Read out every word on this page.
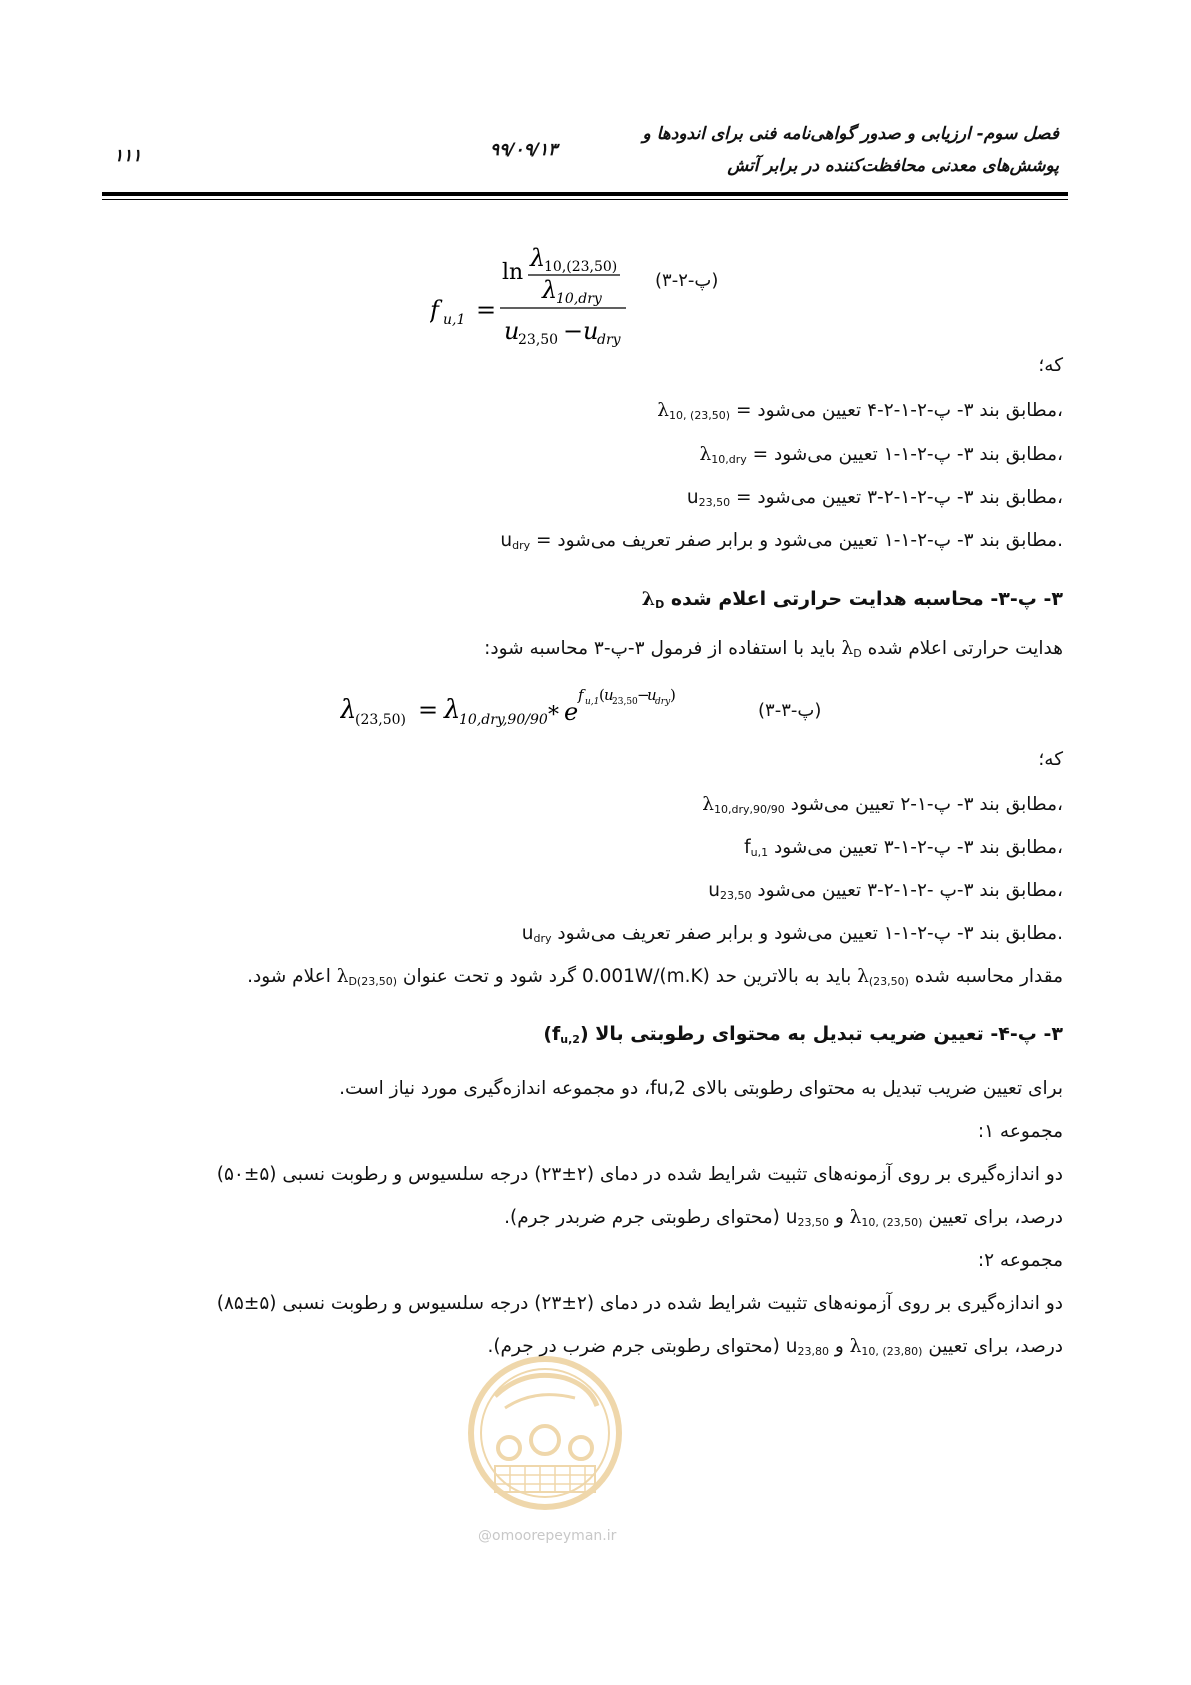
فصل سوم- ارزیابی و صدور گواهی‌نامه فنی برای اندودها و
پوشش‌های معدنی محافظت‌کننده در برابر آتش
۹۹/۰۹/۱۳
۱۱۱
f u,1 =
ln
λ
10,(23,50)
λ
10,dry
u
23,50 − u
dry
(۳-پ-۲)
که؛
$\lambda_{10, (23,50)}$ = مطابق بند ۳- پ-۲-۱-۲-۴ تعیین می‌شود،
$\lambda_{10,dry}$ = مطابق بند ۳- پ-۲-۱-۱ تعیین می‌شود،
$u_{23,50}$ = مطابق بند ۳- پ-۲-۱-۲-۳ تعیین می‌شود،
$u_{dry}$ = مطابق بند ۳- پ-۲-۱-۱ تعیین می‌شود و برابر صفر تعریف می‌شود.
۳- پ-۳- محاسبه هدایت حرارتی اعلام شده $\lambda_D$
هدایت حرارتی اعلام شده $\lambda_D$ باید با استفاده از فرمول ۳-پ-۳ محاسبه شود:
λ
(23,50) = λ
10,dry,90/90 * e
f u,1 ( u
23,50 −
u
dry )
(۳-پ-۳)
که؛
$\lambda_{10,dry,90/90}$ مطابق بند ۳- پ-۱-۲ تعیین می‌شود،
$f_{u,1}$ مطابق بند ۳- پ-۲-۱-۳ تعیین می‌شود،
$u_{23,50}$ مطابق بند ۳-پ -۲-۱-۲-۳ تعیین می‌شود،
$u_{dry}$ مطابق بند ۳- پ-۲-۱-۱ تعیین می‌شود و برابر صفر تعریف می‌شود.
مقدار محاسبه شده $\lambda_{(23,50)}$ باید به بالاترین حد 0.001W/(m.K) گرد شود و تحت عنوان $\lambda_{D(23,50)}$ اعلام شود.
۳- پ-۴- تعیین ضریب تبدیل به محتوای رطوبتی بالا $(f_{u,2})$
برای تعیین ضریب تبدیل به محتوای رطوبتی بالای fu,2، دو مجموعه اندازه‌گیری مورد نیاز است.
مجموعه ۱:
دو اندازه‌گیری بر روی آزمونه‌های تثبیت شرایط شده در دمای (۲±۲۳) درجه سلسیوس و رطوبت نسبی (۵±۵۰)
درصد، برای تعیین $\lambda_{10, (23,50)}$ و $u_{23,50}$ (محتوای رطوبتی جرم ضربدر جرم).
مجموعه ۲:
دو اندازه‌گیری بر روی آزمونه‌های تثبیت شرایط شده در دمای (۲±۲۳) درجه سلسیوس و رطوبت نسبی (۵±۸۵)
درصد، برای تعیین $\lambda_{10, (23,80)}$ و $u_{23,80}$ (محتوای رطوبتی جرم ضرب در جرم).
@omoorepeyman.ir
